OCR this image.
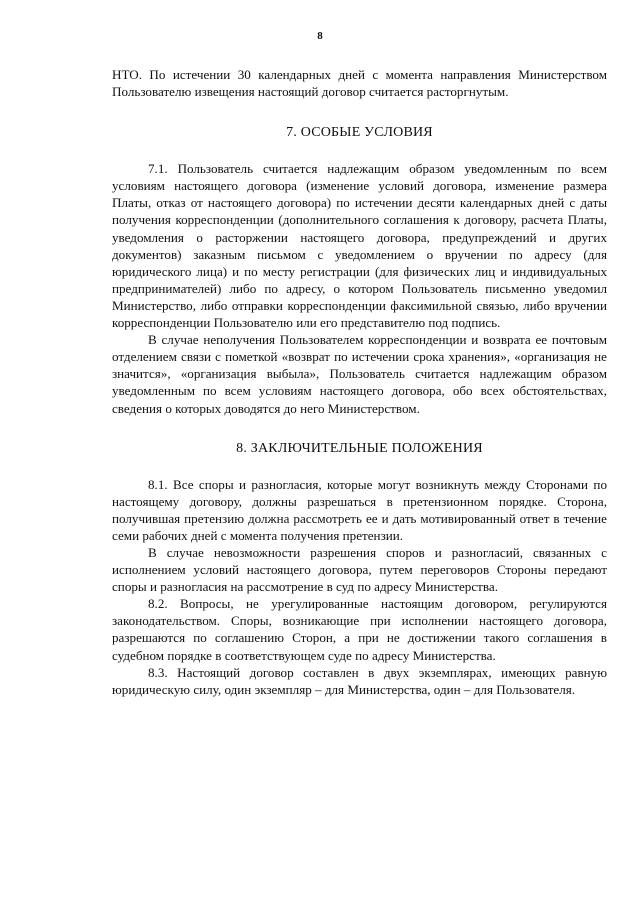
8

НТО. По истечении 30 календарных дней с момента направления Министерством Пользователю извещения настоящий договор считается расторгнутым.

7. ОСОБЫЕ УСЛОВИЯ

7.1. Пользователь считается надлежащим образом уведомленным по всем условиям настоящего договора (изменение условий договора, изменение размера Платы, отказ от настоящего договора) по истечении десяти календарных дней с даты получения корреспонденции (дополнительного соглашения к договору, расчета Платы, уведомления о расторжении настоящего договора, предупреждений и других документов) заказным письмом с уведомлением о вручении по адресу (для юридического лица) и по месту регистрации (для физических лиц и индивидуальных предпринимателей) либо по адресу, о котором Пользователь письменно уведомил Министерство, либо отправки корреспонденции факсимильной связью, либо вручении корреспонденции Пользователю или его представителю под подпись.

В случае неполучения Пользователем корреспонденции и возврата ее почтовым отделением связи с пометкой «возврат по истечении срока хранения», «организация не значится», «организация выбыла», Пользователь считается надлежащим образом уведомленным по всем условиям настоящего договора, обо всех обстоятельствах, сведения о которых доводятся до него Министерством.

8. ЗАКЛЮЧИТЕЛЬНЫЕ ПОЛОЖЕНИЯ

8.1. Все споры и разногласия, которые могут возникнуть между Сторонами по настоящему договору, должны разрешаться в претензионном порядке. Сторона, получившая претензию должна рассмотреть ее и дать мотивированный ответ в течение семи рабочих дней с момента получения претензии.

В случае невозможности разрешения споров и разногласий, связанных с исполнением условий настоящего договора, путем переговоров Стороны передают споры и разногласия на рассмотрение в суд по адресу Министерства.

8.2. Вопросы, не урегулированные настоящим договором, регулируются законодательством. Споры, возникающие при исполнении настоящего договора, разрешаются по соглашению Сторон, а при не достижении такого соглашения в судебном порядке в соответствующем суде по адресу Министерства.

8.3. Настоящий договор составлен в двух экземплярах, имеющих равную юридическую силу, один экземпляр – для Министерства, один – для Пользователя.
